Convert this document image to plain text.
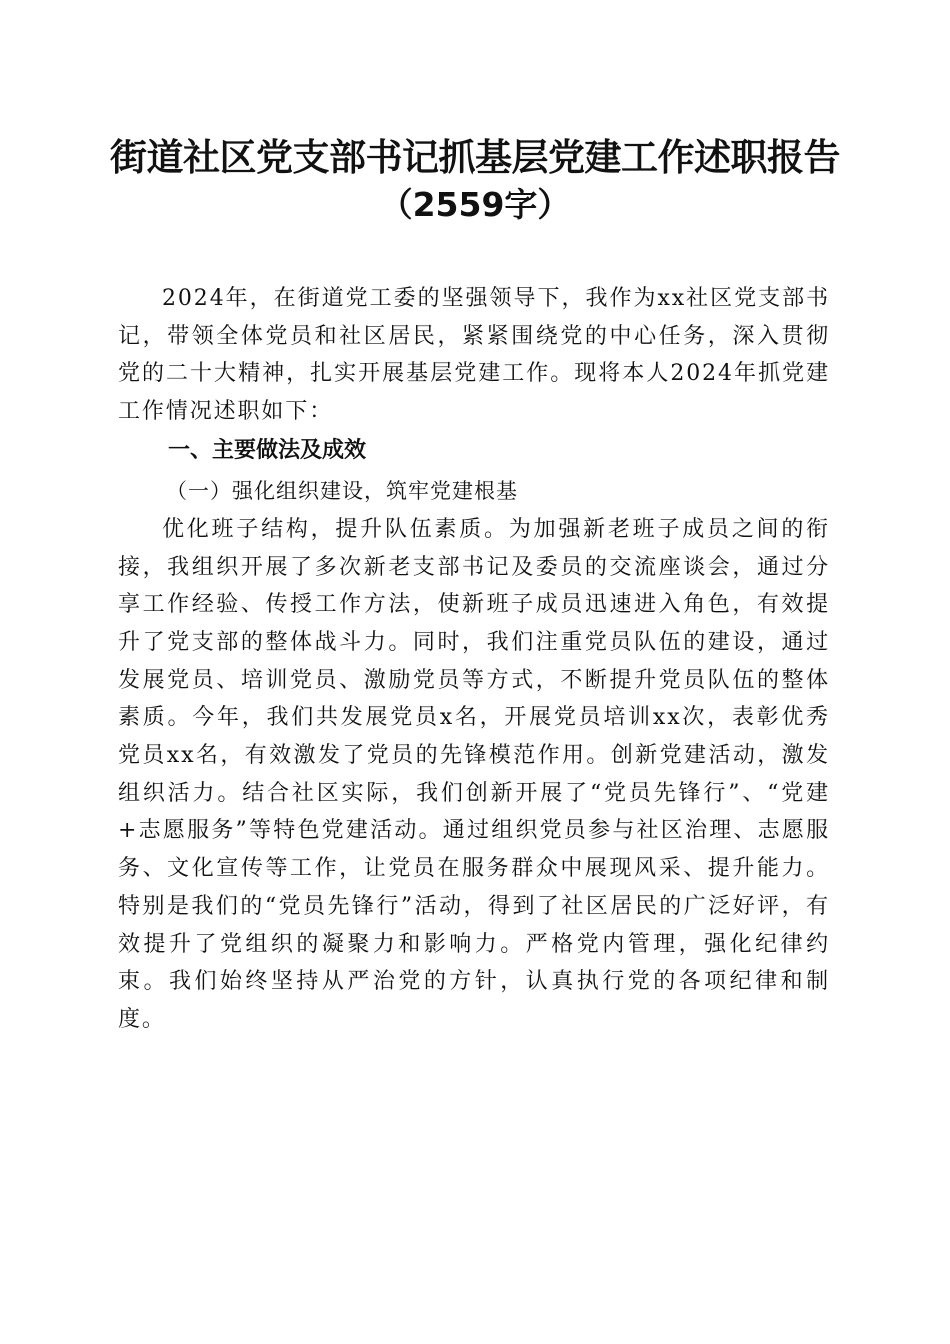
街道社区党支部书记抓基层党建工作述职报告
（2559字）

2024年，在街道党工委的坚强领导下，我作为xx社区党支部书记，带领全体党员和社区居民，紧紧围绕党的中心任务，深入贯彻党的二十大精神，扎实开展基层党建工作。现将本人2024年抓党建工作情况述职如下：

一、主要做法及成效
（一）强化组织建设，筑牢党建根基

优化班子结构，提升队伍素质。为加强新老班子成员之间的衔接，我组织开展了多次新老支部书记及委员的交流座谈会，通过分享工作经验、传授工作方法，使新班子成员迅速进入角色，有效提升了党支部的整体战斗力。同时，我们注重党员队伍的建设，通过发展党员、培训党员、激励党员等方式，不断提升党员队伍的整体素质。今年，我们共发展党员x名，开展党员培训xx次，表彰优秀党员xx名，有效激发了党员的先锋模范作用。创新党建活动，激发组织活力。结合社区实际，我们创新开展了“党员先锋行”、“党建+志愿服务”等特色党建活动。通过组织党员参与社区治理、志愿服务、文化宣传等工作，让党员在服务群众中展现风采、提升能力。特别是我们的“党员先锋行”活动，得到了社区居民的广泛好评，有效提升了党组织的凝聚力和影响力。严格党内管理，强化纪律约束。我们始终坚持从严治党的方针，认真执行党的各项纪律和制度。
